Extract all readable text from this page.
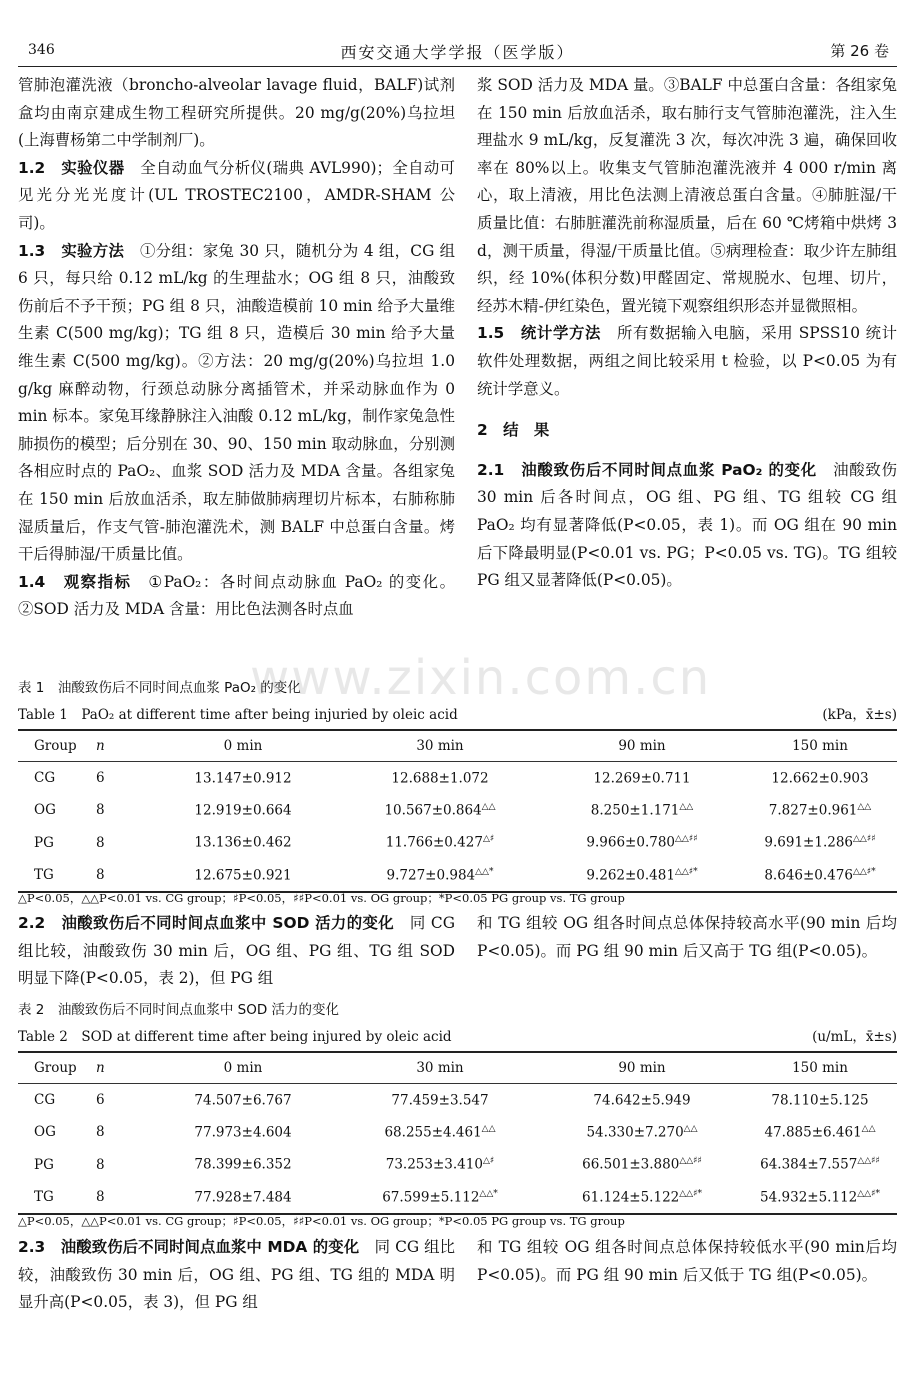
346	西安交通大学学报（医学版）	第 26 卷
www.zixin.com.cn

管肺泡灌洗液（broncho-alveolar lavage fluid，BALF)试剂盒均由南京建成生物工程研究所提供。20 mg/g(20%)乌拉坦(上海曹杨第二中学制剂厂)。

1.2　实验仪器　全自动血气分析仪(瑞典 AVL990)；全自动可见光分光光度计(UL TROSTEC2100，AMDR-SHAM 公司)。

1.3　实验方法　①分组：家兔 30 只，随机分为 4 组，CG 组 6 只，每只给 0.12 mL/kg 的生理盐水；OG 组 8 只，油酸致伤前后不予干预；PG 组 8 只，油酸造模前 10 min 给予大量维生素 C(500 mg/kg)；TG 组 8 只，造模后 30 min 给予大量维生素 C(500 mg/kg)。②方法：20 mg/g(20%)乌拉坦 1.0 g/kg 麻醉动物，行颈总动脉分离插管术，并采动脉血作为 0 min 标本。家兔耳缘静脉注入油酸 0.12 mL/kg，制作家兔急性肺损伤的模型；后分别在 30、90、150 min 取动脉血，分别测各相应时点的 PaO₂、血浆 SOD 活力及 MDA 含量。各组家兔在 150 min 后放血活杀，取左肺做肺病理切片标本，右肺称肺湿质量后，作支气管-肺泡灌洗术，测 BALF 中总蛋白含量。烤干后得肺湿/干质量比值。

1.4　观察指标　①PaO₂：各时间点动脉血 PaO₂ 的变化。②SOD 活力及 MDA 含量：用比色法测各时点血

浆 SOD 活力及 MDA 量。③BALF 中总蛋白含量：各组家兔在 150 min 后放血活杀，取右肺行支气管肺泡灌洗，注入生理盐水 9 mL/kg，反复灌洗 3 次，每次冲洗 3 遍，确保回收率在 80%以上。收集支气管肺泡灌洗液并 4 000 r/min 离心，取上清液，用比色法测上清液总蛋白含量。④肺脏湿/干质量比值：右肺脏灌洗前称湿质量，后在 60 ℃烤箱中烘烤 3 d，测干质量，得湿/干质量比值。⑤病理检查：取少许左肺组织，经 10%(体积分数)甲醛固定、常规脱水、包埋、切片，经苏木精-伊红染色，置光镜下观察组织形态并显微照相。

1.5　统计学方法　所有数据输入电脑，采用 SPSS10 统计软件处理数据，两组之间比较采用 t 检验，以 P<0.05 为有统计学意义。

2　结　果

2.1　油酸致伤后不同时间点血浆 PaO₂ 的变化　油酸致伤 30 min 后各时间点，OG 组、PG 组、TG 组较 CG 组 PaO₂ 均有显著降低(P<0.05，表 1)。而 OG 组在 90 min 后下降最明显(P<0.01 vs. PG；P<0.05 vs. TG)。TG 组较 PG 组又显著降低(P<0.05)。

表 1　油酸致伤后不同时间点血浆 PaO₂ 的变化
Table 1　PaO₂ at different time after being injuried by oleic acid	(kPa，x̄±s)
Group	n	0 min	30 min	90 min	150 min
CG	6	13.147±0.912	12.688±1.072	12.269±0.711	12.662±0.903
OG	8	12.919±0.664	10.567±0.864△△	8.250±1.171△△	7.827±0.961△△
PG	8	13.136±0.462	11.766±0.427△♯	9.966±0.780△△♯♯	9.691±1.286△△♯♯
TG	8	12.675±0.921	9.727±0.984△△*	9.262±0.481△△♯*	8.646±0.476△△♯*
△P<0.05，△△P<0.01 vs. CG group；♯P<0.05，♯♯P<0.01 vs. OG group；*P<0.05 PG group vs. TG group

2.2　油酸致伤后不同时间点血浆中 SOD 活力的变化　同 CG 组比较，油酸致伤 30 min 后，OG 组、PG 组、TG 组 SOD 明显下降(P<0.05，表 2)，但 PG 组

和 TG 组较 OG 组各时间点总体保持较高水平(90 min 后均 P<0.05)。而 PG 组 90 min 后又高于 TG 组(P<0.05)。

表 2　油酸致伤后不同时间点血浆中 SOD 活力的变化
Table 2　SOD at different time after being injured by oleic acid	(u/mL，x̄±s)
Group	n	0 min	30 min	90 min	150 min
CG	6	74.507±6.767	77.459±3.547	74.642±5.949	78.110±5.125
OG	8	77.973±4.604	68.255±4.461△△	54.330±7.270△△	47.885±6.461△△
PG	8	78.399±6.352	73.253±3.410△♯	66.501±3.880△△♯♯	64.384±7.557△△♯♯
TG	8	77.928±7.484	67.599±5.112△△*	61.124±5.122△△♯*	54.932±5.112△△♯*
△P<0.05，△△P<0.01 vs. CG group；♯P<0.05，♯♯P<0.01 vs. OG group；*P<0.05 PG group vs. TG group

2.3　油酸致伤后不同时间点血浆中 MDA 的变化　同 CG 组比较，油酸致伤 30 min 后，OG 组、PG 组、TG 组的 MDA 明显升高(P<0.05，表 3)，但 PG 组

和 TG 组较 OG 组各时间点总体保持较低水平(90 min后均 P<0.05)。而 PG 组 90 min 后又低于 TG 组(P<0.05)。
